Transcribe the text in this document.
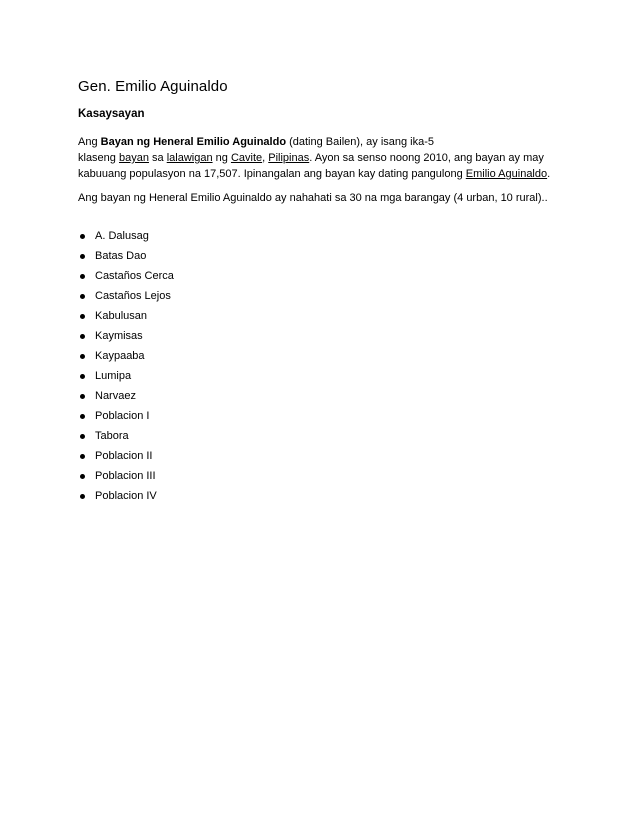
Gen. Emilio Aguinaldo
Kasaysayan
Ang Bayan ng Heneral Emilio Aguinaldo (dating Bailen), ay isang ika-5
klaseng bayan sa lalawigan ng Cavite, Pilipinas. Ayon sa senso noong 2010, ang bayan ay may
kabuuang populasyon na 17,507. Ipinangalan ang bayan kay dating pangulong Emilio Aguinaldo.

Ang bayan ng Heneral Emilio Aguinaldo ay nahahati sa 30 na mga barangay (4 urban, 10 rural)..

A. Dalusag
Batas Dao
Castaños Cerca
Castaños Lejos
Kabulusan
Kaymisas
Kaypaaba
Lumipa
Narvaez
Poblacion I
Tabora
Poblacion II
Poblacion III
Poblacion IV
